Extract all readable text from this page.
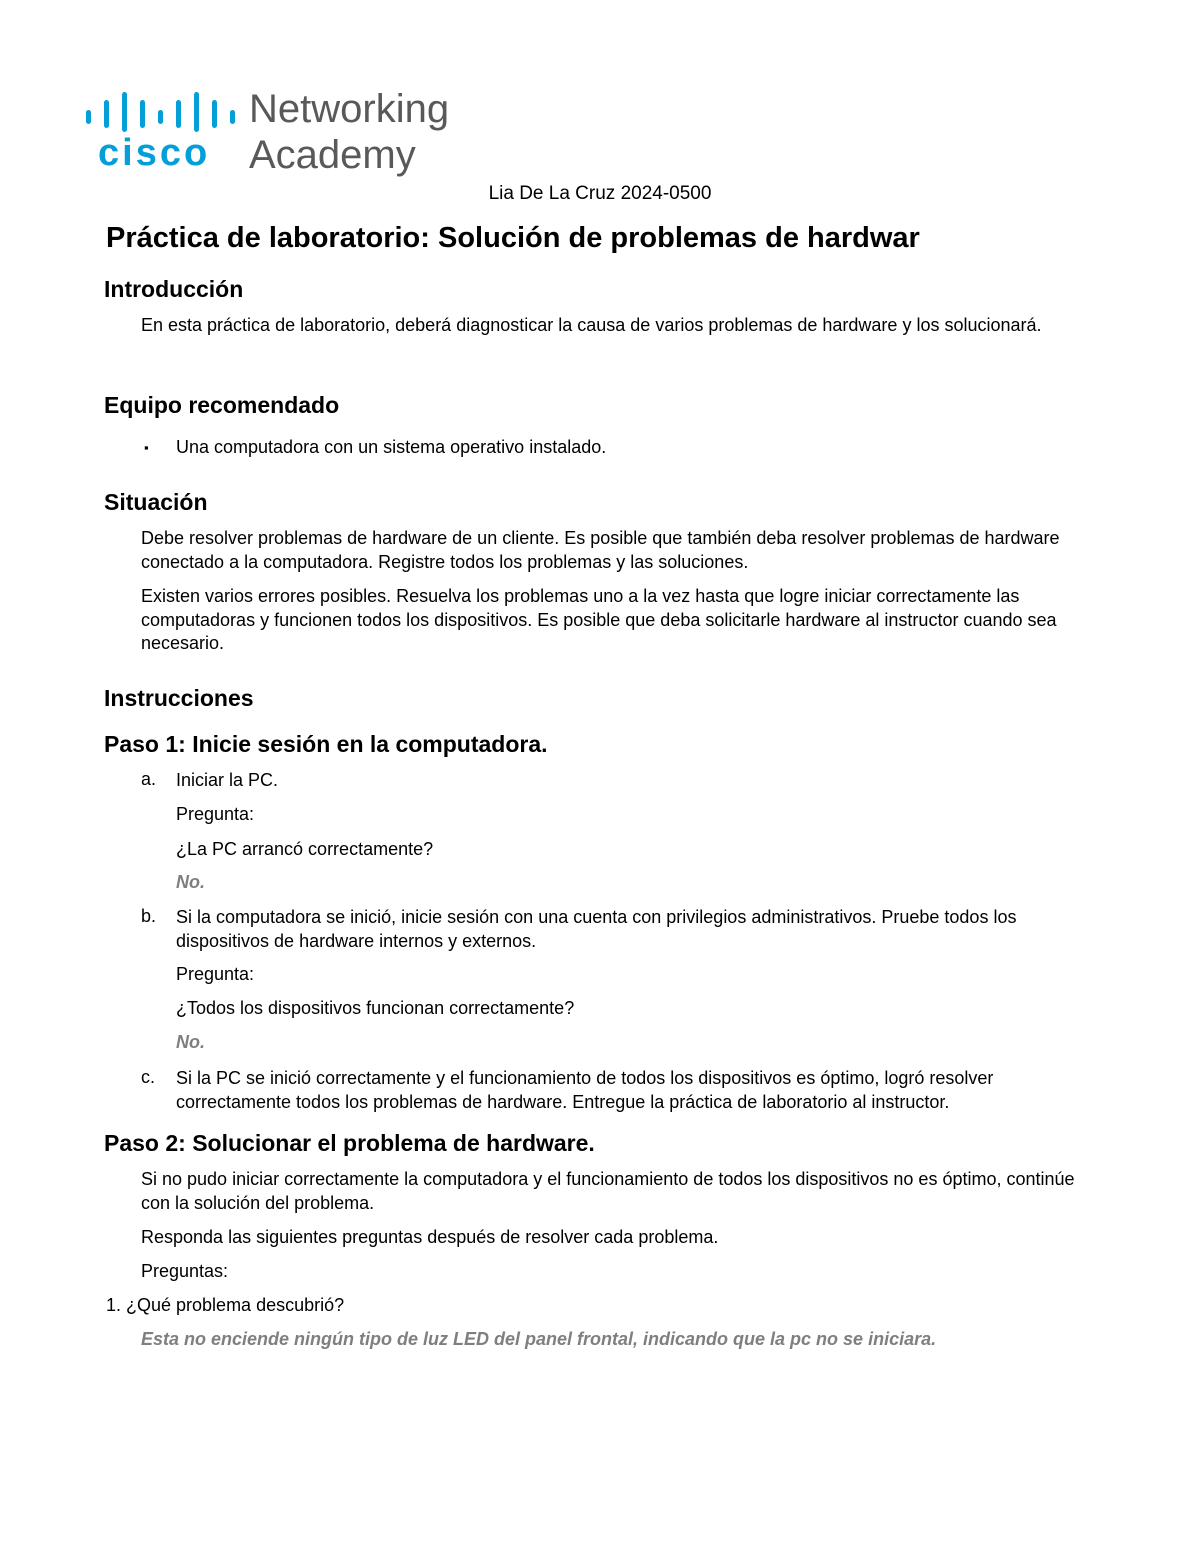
cisco
Networking
Academy
Lia De La Cruz 2024-0500
Práctica de laboratorio: Solución de problemas de hardwar
Introducción
En esta práctica de laboratorio, deberá diagnosticar la causa de varios problemas de hardware y los solucionará.
Equipo recomendado
▪ Una computadora con un sistema operativo instalado.
Situación
Debe resolver problemas de hardware de un cliente. Es posible que también deba resolver problemas de hardware conectado a la computadora. Registre todos los problemas y las soluciones.
Existen varios errores posibles. Resuelva los problemas uno a la vez hasta que logre iniciar correctamente las computadoras y funcionen todos los dispositivos. Es posible que deba solicitarle hardware al instructor cuando sea necesario.
Instrucciones
Paso 1: Inicie sesión en la computadora.
a. Iniciar la PC.
Pregunta:
¿La PC arrancó correctamente?
No.
b. Si la computadora se inició, inicie sesión con una cuenta con privilegios administrativos. Pruebe todos los dispositivos de hardware internos y externos.
Pregunta:
¿Todos los dispositivos funcionan correctamente?
No.
c. Si la PC se inició correctamente y el funcionamiento de todos los dispositivos es óptimo, logró resolver correctamente todos los problemas de hardware. Entregue la práctica de laboratorio al instructor.
Paso 2: Solucionar el problema de hardware.
Si no pudo iniciar correctamente la computadora y el funcionamiento de todos los dispositivos no es óptimo, continúe con la solución del problema.
Responda las siguientes preguntas después de resolver cada problema.
Preguntas:
1. ¿Qué problema descubrió?
Esta no enciende ningún tipo de luz LED del panel frontal, indicando que la pc no se iniciara.
